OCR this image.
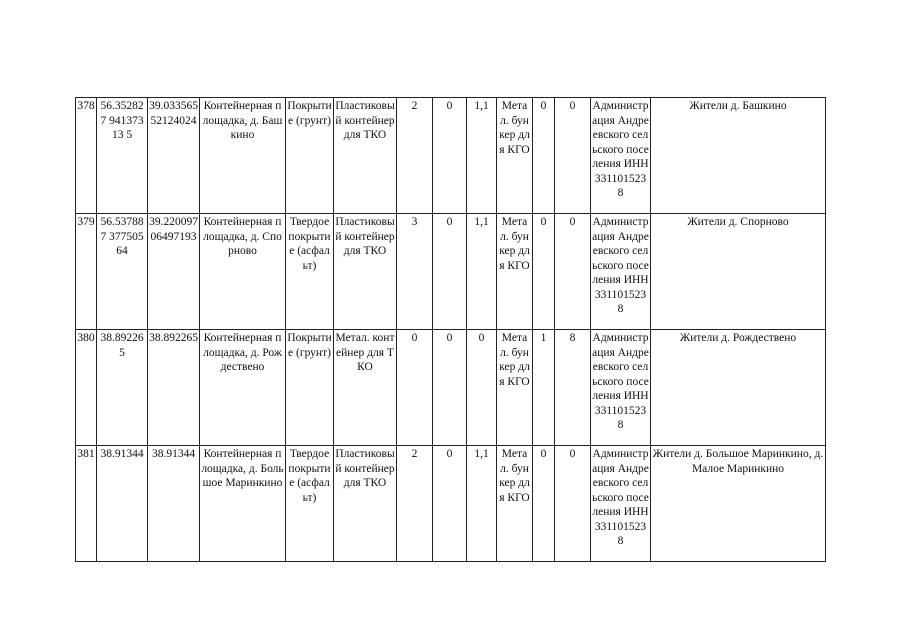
378	56.352827 94137313 5	39.033565 52124024	Контейнерная площадка, д. Башкино	Покрытие (грунт)	Пластиковый контейнер для ТКО	2	0	1,1	Метал. бункер для КГО	0	0	Администрация Андреевского сельского поселения ИНН 3311015238	Жители д. Башкино
379	56.537887 37750564	39.220097 06497193	Контейнерная площадка, д. Спорново	Твердое покрытие (асфальт)	Пластиковый контейнер для ТКО	3	0	1,1	Метал. бункер для КГО	0	0	Администрация Андреевского сельского поселения ИНН 3311015238	Жители д. Спорново
380	38.892265	38.892265	Контейнерная площадка, д. Рождествено	Покрытие (грунт)	Метал. контейнер для ТКО	0	0	0	Метал. бункер для КГО	1	8	Администрация Андреевского сельского поселения ИНН 3311015238	Жители д. Рождествено
381	38.91344	38.91344	Контейнерная площадка, д. Большое Маринкино	Твердое покрытие (асфальт)	Пластиковый контейнер для ТКО	2	0	1,1	Метал. бункер для КГО	0	0	Администрация Андреевского сельского поселения ИНН 3311015238	Жители д. Большое Маринкино, д. Малое Маринкино
